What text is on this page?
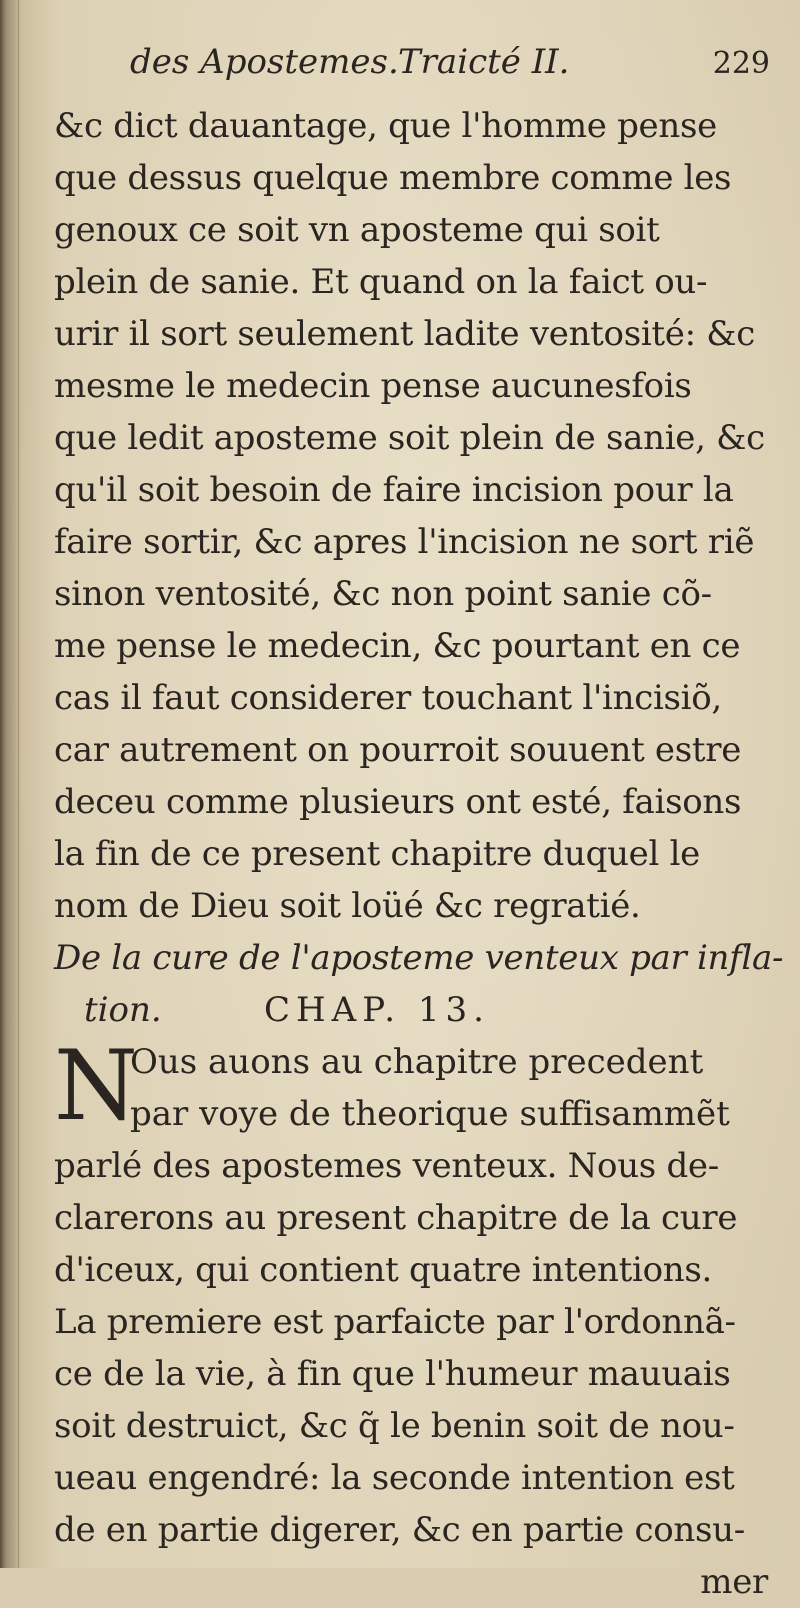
des Apostemes. Traicté II.	229
&c dict dauantage, que l'homme pense
que dessus quelque membre comme les
genoux ce soit vn aposteme qui soit
plein de sanie. Et quand on la faict ou-
urir il sort seulement ladite ventosité: &c
mesme le medecin pense aucunesfois
que ledit aposteme soit plein de sanie, &c
qu'il soit besoin de faire incision pour la
faire sortir, &c apres l'incision ne sort riẽ
sinon ventosité, &c non point sanie cõ-
me pense le medecin, &c pourtant en ce
cas il faut considerer touchant l'incisiõ,
car autrement on pourroit souuent estre
deceu comme plusieurs ont esté, faisons
la fin de ce present chapitre duquel le
nom de Dieu soit loüé &c regratié.
De la cure de l'aposteme venteux par infla-
tion.	CHAP. 13.
N
Ous auons au chapitre precedent
par voye de theorique suffisammẽt
parlé des apostemes venteux. Nous de-
clarerons au present chapitre de la cure
d'iceux, qui contient quatre intentions.
La premiere est parfaicte par l'ordonnã-
ce de la vie, à fin que l'humeur mauuais
soit destruict, &c q̃ le benin soit de nou-
ueau engendré: la seconde intention est
de en partie digerer, &c en partie consu-
mer
